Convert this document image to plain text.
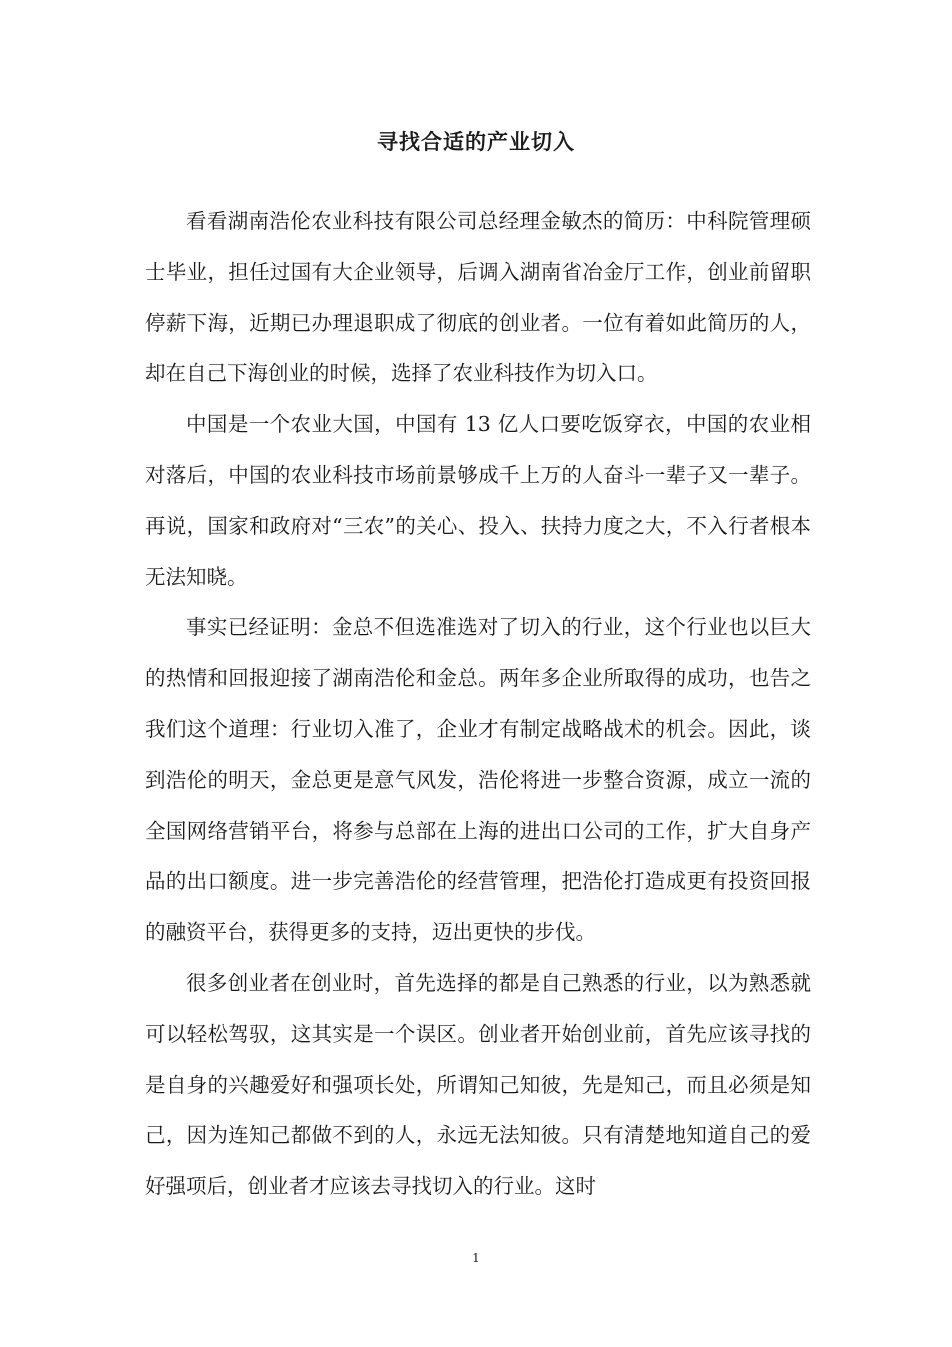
寻找合适的产业切入

看看湖南浩伦农业科技有限公司总经理金敏杰的简历：中科院管理硕士毕业，担任过国有大企业领导，后调入湖南省冶金厅工作，创业前留职停薪下海，近期已办理退职成了彻底的创业者。一位有着如此简历的人，却在自己下海创业的时候，选择了农业科技作为切入口。

中国是一个农业大国，中国有 13 亿人口要吃饭穿衣，中国的农业相对落后，中国的农业科技市场前景够成千上万的人奋斗一辈子又一辈子。再说，国家和政府对“三农”的关心、投入、扶持力度之大，不入行者根本无法知晓。

事实已经证明：金总不但选准选对了切入的行业，这个行业也以巨大的热情和回报迎接了湖南浩伦和金总。两年多企业所取得的成功，也告之我们这个道理：行业切入准了，企业才有制定战略战术的机会。因此，谈到浩伦的明天，金总更是意气风发，浩伦将进一步整合资源，成立一流的全国网络营销平台，将参与总部在上海的进出口公司的工作，扩大自身产品的出口额度。进一步完善浩伦的经营管理，把浩伦打造成更有投资回报的融资平台，获得更多的支持，迈出更快的步伐。

很多创业者在创业时，首先选择的都是自己熟悉的行业，以为熟悉就可以轻松驾驭，这其实是一个误区。创业者开始创业前，首先应该寻找的是自身的兴趣爱好和强项长处，所谓知己知彼，先是知己，而且必须是知己，因为连知己都做不到的人，永远无法知彼。只有清楚地知道自己的爱好强项后，创业者才应该去寻找切入的行业。这时

1
